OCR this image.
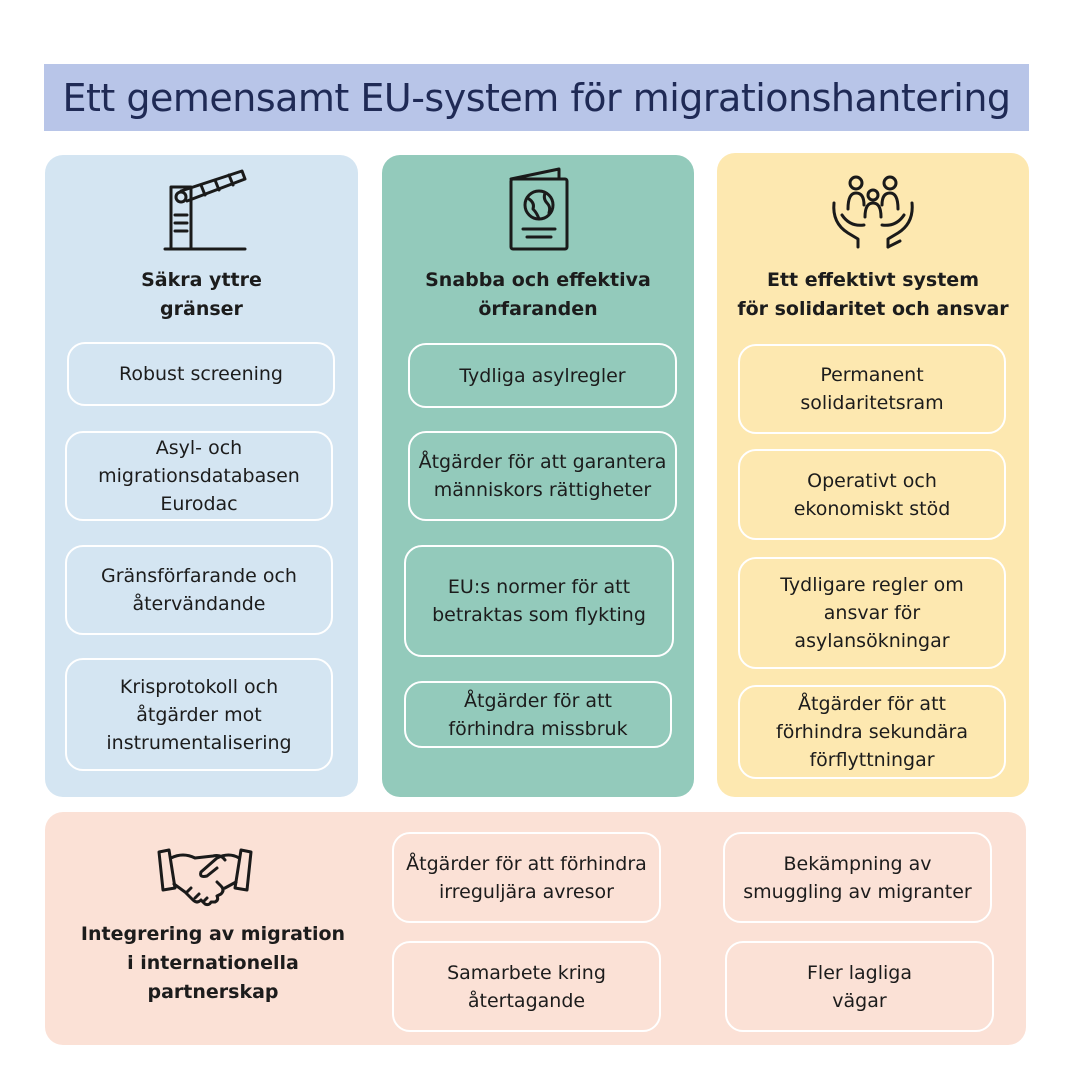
Ett gemensamt EU-system för migrationshantering
Säkra yttre
gränser
Robust screening
Asyl- och
migrationsdatabasen
Eurodac
Gränsförfarande och
återvändande
Krisprotokoll och
åtgärder mot
instrumentalisering
Snabba och effektiva
örfaranden
Tydliga asylregler
Åtgärder för att garantera
människors rättigheter
EU:s normer för att
betraktas som flykting
Åtgärder för att
förhindra missbruk
Ett effektivt system
för solidaritet och ansvar
Permanent
solidaritetsram
Operativt och
ekonomiskt stöd
Tydligare regler om
ansvar för
asylansökningar
Åtgärder för att
förhindra sekundära
förflyttningar
Integrering av migration
i internationella
partnerskap
Åtgärder för att förhindra
irreguljära avresor
Bekämpning av
smuggling av migranter
Samarbete kring
återtagande
Fler lagliga
vägar
